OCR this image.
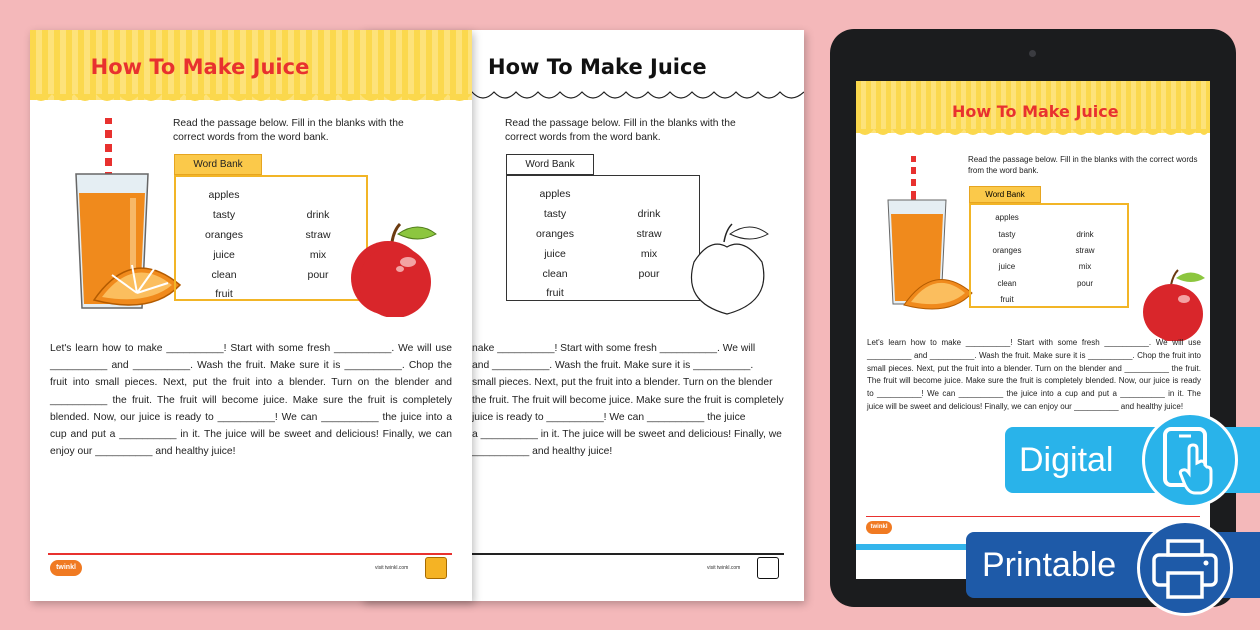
How To Make Juice
Read the passage below. Fill in the blanks with the correct words from the word bank.
Word Bank
apples
tasty	drink
oranges	straw
juice	mix
clean	pour
fruit
Let's learn how to make __________! Start with some fresh __________. We will use __________ and __________. Wash the fruit. Make sure it is __________. Chop the fruit into small pieces. Next, put the fruit into a blender. Turn on the blender and __________ the fruit. The fruit will become juice. Make sure the fruit is completely blended. Now, our juice is ready to __________! We can __________ the juice into a cup and put a __________ in it. The juice will be sweet and delicious! Finally, we can enjoy our __________ and healthy juice!
twinkl	visit twinkl.com
How To Make Juice
Read the passage below. Fill in the blanks with the correct words from the word bank.
Word Bank
apples
tasty	drink
oranges	straw
juice	mix
clean	pour
fruit
nake __________! Start with some fresh __________. We will
and __________. Wash the fruit. Make sure it is __________.
small pieces. Next, put the fruit into a blender. Turn on the blender
the fruit. The fruit will become juice. Make sure the fruit is completely
juice is ready to __________! We can __________ the juice
a __________ in it. The juice will be sweet and delicious! Finally, we
__________ and healthy juice!
visit twinkl.com
How To Make Juice
Read the passage below. Fill in the blanks with the correct words from the word bank.
Word Bank
apples
tasty	drink
oranges	straw
juice	mix
clean	pour
fruit
Let's learn how to make __________! Start with some fresh __________. We will use __________ and __________. Wash the fruit. Make sure it is __________. Chop the fruit into small pieces. Next, put the fruit into a blender. Turn on the blender and __________ the fruit. The fruit will become juice. Make sure the fruit is completely blended. Now, our juice is ready to __________! We can __________ the juice into a cup and put a __________ in it. The juice will be sweet and delicious! Finally, we can enjoy our __________ and healthy juice!
twinkl
Digital
Printable
